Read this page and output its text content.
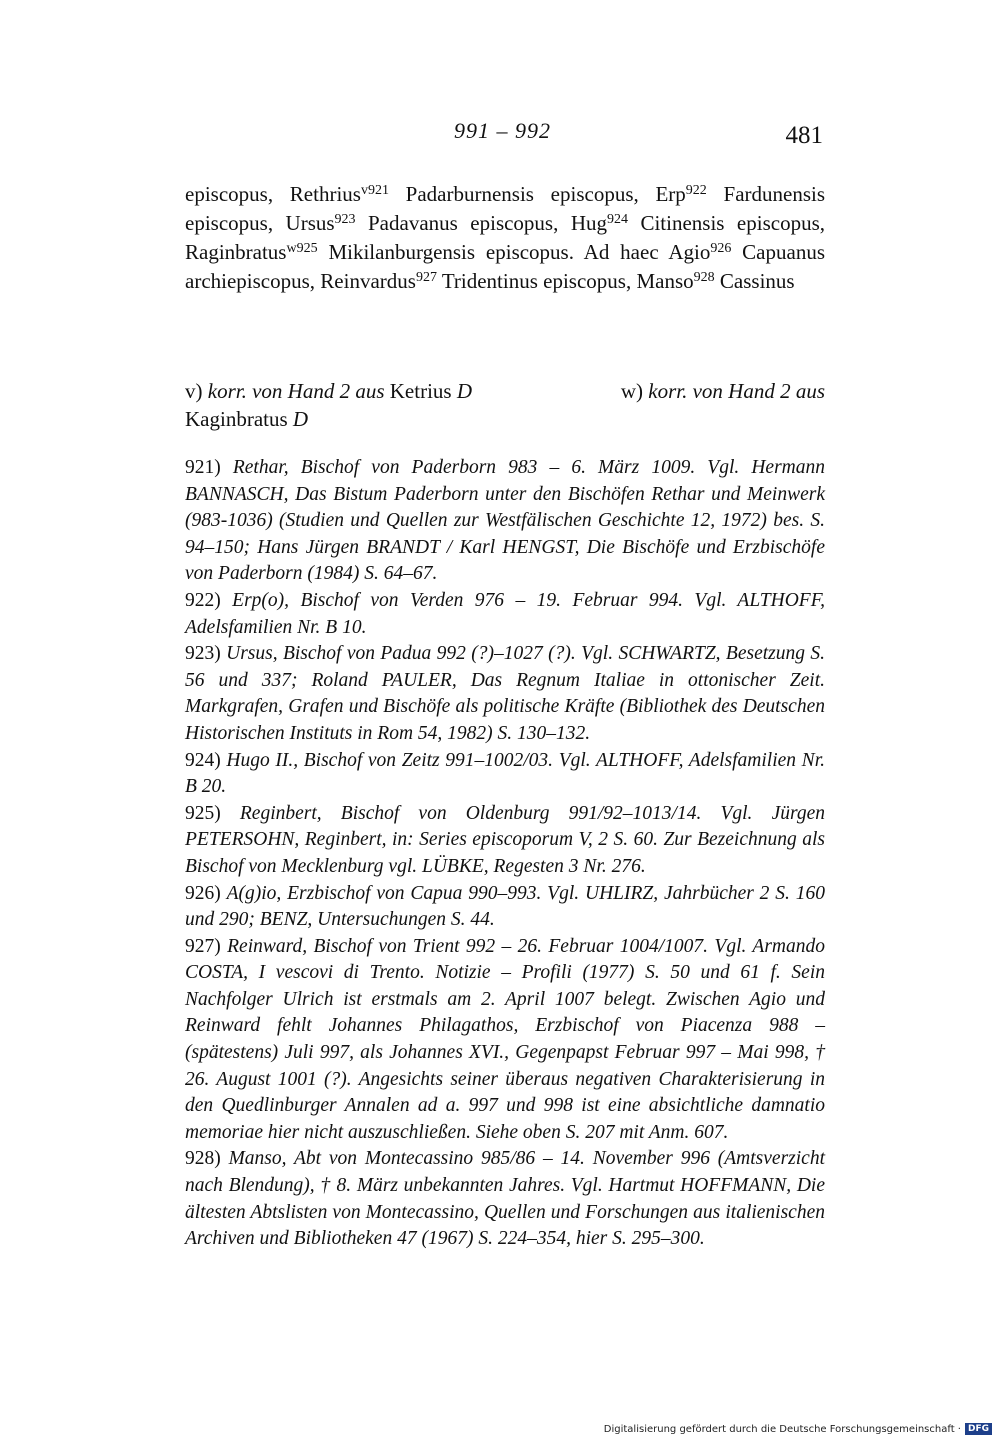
991 – 992	481
episcopus, Rethrius$^{v921}$ Padarburnensis episcopus, Erp$^{922}$ Fardunensis episcopus, Ursus$^{923}$ Padavanus episcopus, Hug$^{924}$ Citinensis episcopus, Raginbratus$^{w925}$ Mikilanburgensis episcopus. Ad haec Agio$^{926}$ Capuanus archiepiscopus, Reinvardus$^{927}$ Tridentinus episcopus, Manso$^{928}$ Cassinus
v) korr. von Hand 2 aus Ketrius D	w) korr. von Hand 2 aus
Kaginbratus D

921) Rethar, Bischof von Paderborn 983 – 6. März 1009. Vgl. Hermann BANNASCH, Das Bistum Paderborn unter den Bischöfen Rethar und Meinwerk (983-1036) (Studien und Quellen zur Westfälischen Geschichte 12, 1972) bes. S. 94–150; Hans Jürgen BRANDT / Karl HENGST, Die Bischöfe und Erzbischöfe von Paderborn (1984) S. 64–67.

922) Erp(o), Bischof von Verden 976 – 19. Februar 994. Vgl. ALTHOFF, Adelsfamilien Nr. B 10.

923) Ursus, Bischof von Padua 992 (?)–1027 (?). Vgl. SCHWARTZ, Besetzung S. 56 und 337; Roland PAULER, Das Regnum Italiae in ottonischer Zeit. Markgrafen, Grafen und Bischöfe als politische Kräfte (Bibliothek des Deutschen Historischen Instituts in Rom 54, 1982) S. 130–132.

924) Hugo II., Bischof von Zeitz 991–1002/03. Vgl. ALTHOFF, Adelsfamilien Nr. B 20.

925) Reginbert, Bischof von Oldenburg 991/92–1013/14. Vgl. Jürgen PETERSOHN, Reginbert, in: Series episcoporum V, 2 S. 60. Zur Bezeichnung als Bischof von Mecklenburg vgl. LÜBKE, Regesten 3 Nr. 276.

926) A(g)io, Erzbischof von Capua 990–993. Vgl. UHLIRZ, Jahrbücher 2 S. 160 und 290; BENZ, Untersuchungen S. 44.

927) Reinward, Bischof von Trient 992 – 26. Februar 1004/1007. Vgl. Armando COSTA, I vescovi di Trento. Notizie – Profili (1977) S. 50 und 61 f. Sein Nachfolger Ulrich ist erstmals am 2. April 1007 belegt. Zwischen Agio und Reinward fehlt Johannes Philagathos, Erzbischof von Piacenza 988 – (spätestens) Juli 997, als Johannes XVI., Gegenpapst Februar 997 – Mai 998, † 26. August 1001 (?). Angesichts seiner überaus negativen Charakterisierung in den Quedlinburger Annalen ad a. 997 und 998 ist eine absichtliche damnatio memoriae hier nicht auszuschließen. Siehe oben S. 207 mit Anm. 607.

928) Manso, Abt von Montecassino 985/86 – 14. November 996 (Amtsverzicht nach Blendung), † 8. März unbekannten Jahres. Vgl. Hartmut HOFFMANN, Die ältesten Abtslisten von Montecassino, Quellen und Forschungen aus italienischen Archiven und Bibliotheken 47 (1967) S. 224–354, hier S. 295–300.

Digitalisierung gefördert durch die Deutsche Forschungsgemeinschaft · DFG
